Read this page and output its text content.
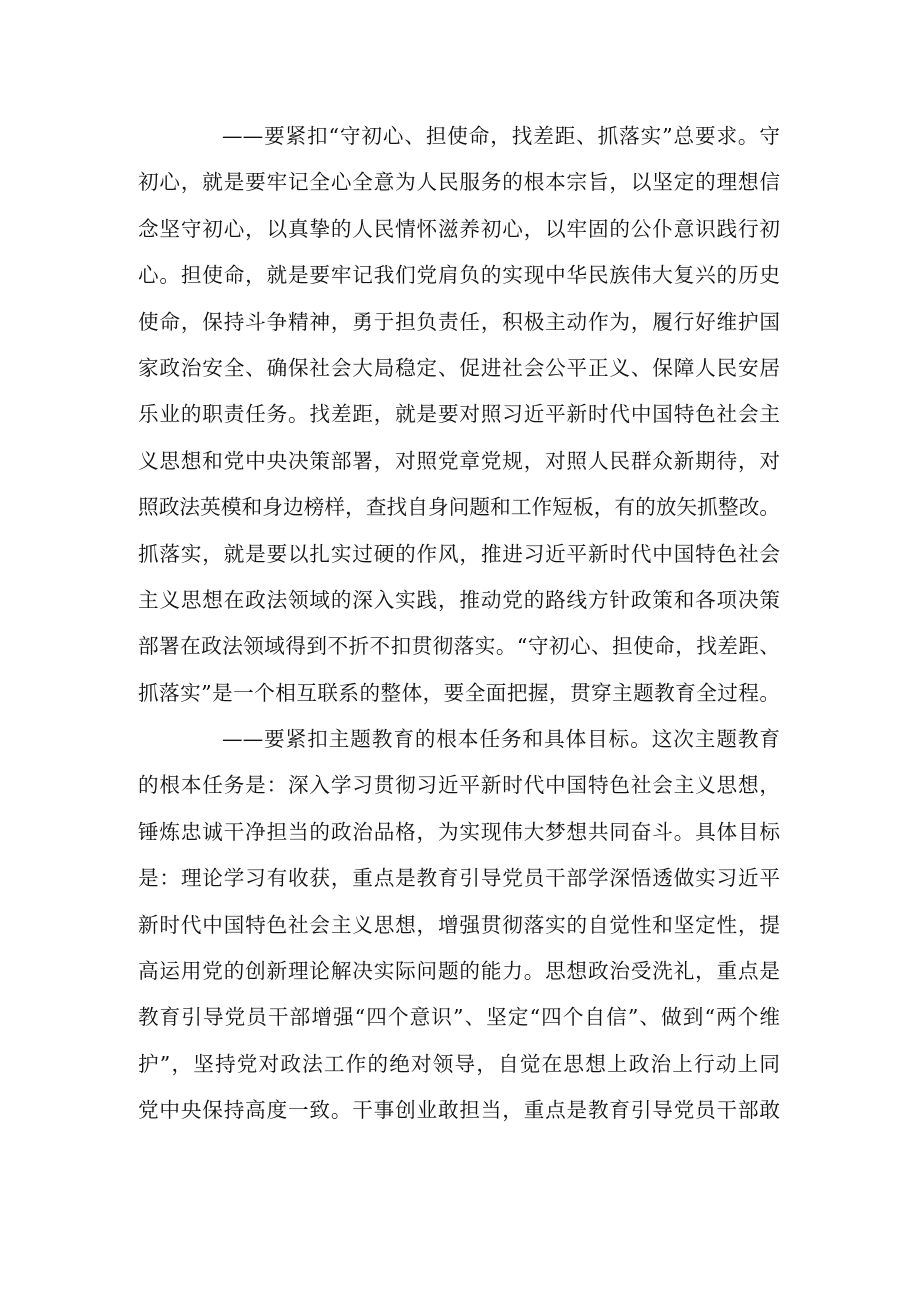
——要紧扣“守初心、担使命，找差距、抓落实”总要求。守
初心，就是要牢记全心全意为人民服务的根本宗旨，以坚定的理想信
念坚守初心，以真挚的人民情怀滋养初心，以牢固的公仆意识践行初
心。担使命，就是要牢记我们党肩负的实现中华民族伟大复兴的历史
使命，保持斗争精神，勇于担负责任，积极主动作为，履行好维护国
家政治安全、确保社会大局稳定、促进社会公平正义、保障人民安居
乐业的职责任务。找差距，就是要对照习近平新时代中国特色社会主
义思想和党中央决策部署，对照党章党规，对照人民群众新期待，对
照政法英模和身边榜样，查找自身问题和工作短板，有的放矢抓整改。
抓落实，就是要以扎实过硬的作风，推进习近平新时代中国特色社会
主义思想在政法领域的深入实践，推动党的路线方针政策和各项决策
部署在政法领域得到不折不扣贯彻落实。“守初心、担使命，找差距、
抓落实”是一个相互联系的整体，要全面把握，贯穿主题教育全过程。
——要紧扣主题教育的根本任务和具体目标。这次主题教育
的根本任务是：深入学习贯彻习近平新时代中国特色社会主义思想，
锤炼忠诚干净担当的政治品格，为实现伟大梦想共同奋斗。具体目标
是：理论学习有收获，重点是教育引导党员干部学深悟透做实习近平
新时代中国特色社会主义思想，增强贯彻落实的自觉性和坚定性，提
高运用党的创新理论解决实际问题的能力。思想政治受洗礼，重点是
教育引导党员干部增强“四个意识”、坚定“四个自信”、做到“两个维
护”，坚持党对政法工作的绝对领导，自觉在思想上政治上行动上同
党中央保持高度一致。干事创业敢担当，重点是教育引导党员干部敢
